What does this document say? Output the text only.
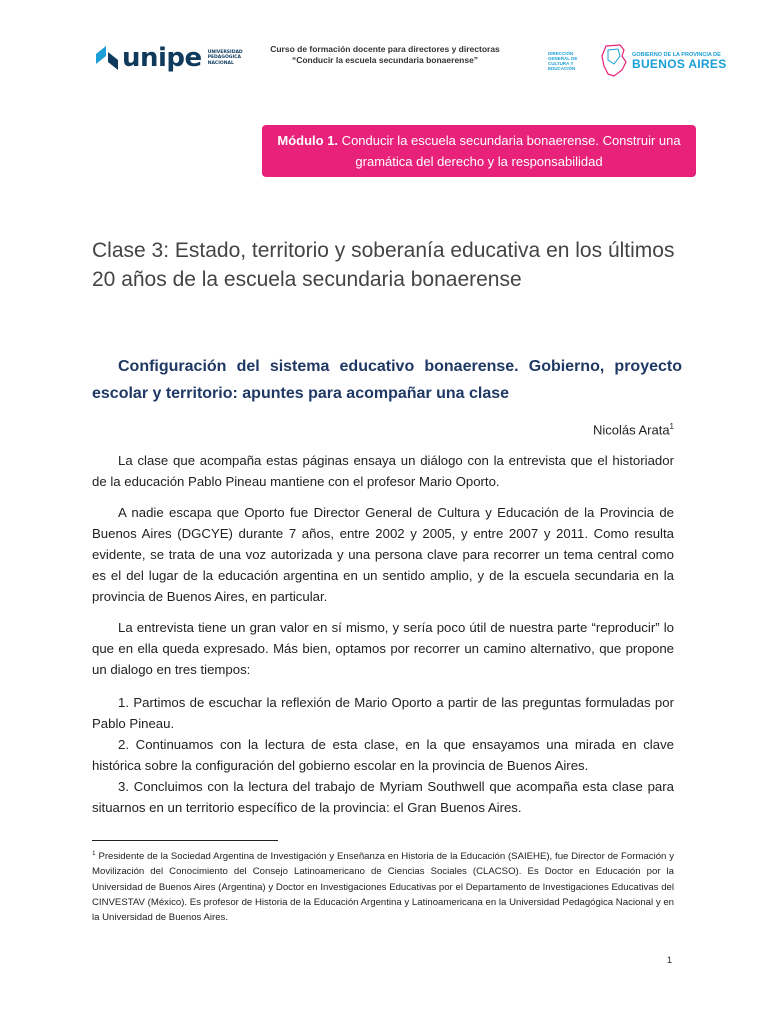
unipe UNIVERSIDAD
PEDAGÓGICA
NACIONAL
Curso de formación docente para directores y directoras
“Conducir la escuela secundaria bonaerense”
DIRECCIÓN GENERAL DE
CULTURA Y EDUCACIÓN
GOBIERNO DE LA PROVINCIA DE
BUENOS AIRES
Módulo 1. Conducir la escuela secundaria bonaerense. Construir una
gramática del derecho y la responsabilidad
Clase 3: Estado, territorio y soberanía educativa en los últimos 20 años de la escuela secundaria bonaerense
Configuración del sistema educativo bonaerense. Gobierno, proyecto escolar y territorio: apuntes para acompañar una clase
Nicolás Arata$^1$

La clase que acompaña estas páginas ensaya un diálogo con la entrevista que el historiador de la educación Pablo Pineau mantiene con el profesor Mario Oporto.

A nadie escapa que Oporto fue Director General de Cultura y Educación de la Provincia de Buenos Aires (DGCYE) durante 7 años, entre 2002 y 2005, y entre 2007 y 2011. Como resulta evidente, se trata de una voz autorizada y una persona clave para recorrer un tema central como es el del lugar de la educación argentina en un sentido amplio, y de la escuela secundaria en la provincia de Buenos Aires, en particular.

La entrevista tiene un gran valor en sí mismo, y sería poco útil de nuestra parte “reproducir” lo que en ella queda expresado. Más bien, optamos por recorrer un camino alternativo, que propone un dialogo en tres tiempos:

1. Partimos de escuchar la reflexión de Mario Oporto a partir de las preguntas formuladas por Pablo Pineau.

2. Continuamos con la lectura de esta clase, en la que ensayamos una mirada en clave histórica sobre la configuración del gobierno escolar en la provincia de Buenos Aires.

3. Concluimos con la lectura del trabajo de Myriam Southwell que acompaña esta clase para situarnos en un territorio específico de la provincia: el Gran Buenos Aires.

$^1$ Presidente de la Sociedad Argentina de Investigación y Enseñanza en Historia de la Educación (SAIEHE), fue Director de Formación y Movilización del Conocimiento del Consejo Latinoamericano de Ciencias Sociales (CLACSO). Es Doctor en Educación por la Universidad de Buenos Aires (Argentina) y Doctor en Investigaciones Educativas por el Departamento de Investigaciones Educativas del CINVESTAV (México). Es profesor de Historia de la Educación Argentina y Latinoamericana en la Universidad Pedagógica Nacional y en la Universidad de Buenos Aires.
1
